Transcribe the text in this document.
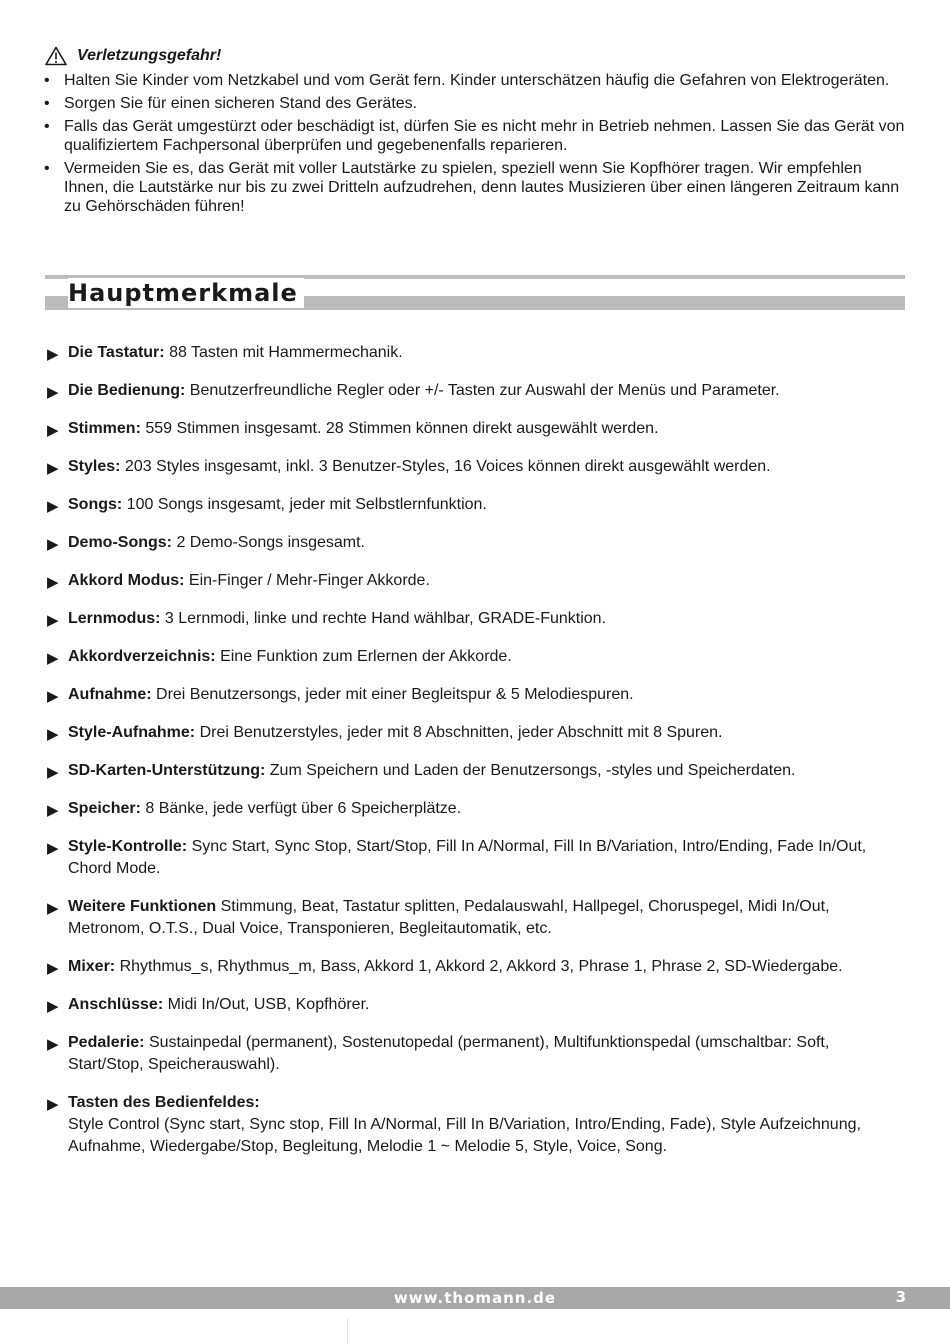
Verletzungsgefahr!
• Halten Sie Kinder vom Netzkabel und vom Gerät fern. Kinder unterschätzen häufig die Gefahren von Elektrogeräten.
• Sorgen Sie für einen sicheren Stand des Gerätes.
• Falls das Gerät umgestürzt oder beschädigt ist, dürfen Sie es nicht mehr in Betrieb nehmen. Lassen Sie das Gerät von qualifiziertem Fachpersonal überprüfen und gegebenenfalls reparieren.
• Vermeiden Sie es, das Gerät mit voller Lautstärke zu spielen, speziell wenn Sie Kopfhörer tragen. Wir empfehlen Ihnen, die Lautstärke nur bis zu zwei Dritteln aufzudrehen, denn lautes Musizieren über einen längeren Zeitraum kann zu Gehörschäden führen!
Hauptmerkmale
▶ Die Tastatur: 88 Tasten mit Hammermechanik.
▶ Die Bedienung: Benutzerfreundliche Regler oder +/- Tasten zur Auswahl der Menüs und Parameter.
▶ Stimmen: 559 Stimmen insgesamt. 28 Stimmen können direkt ausgewählt werden.
▶ Styles: 203 Styles insgesamt, inkl. 3 Benutzer-Styles, 16 Voices können direkt ausgewählt werden.
▶ Songs: 100 Songs insgesamt, jeder mit Selbstlernfunktion.
▶ Demo-Songs: 2 Demo-Songs insgesamt.
▶ Akkord Modus: Ein-Finger / Mehr-Finger Akkorde.
▶ Lernmodus: 3 Lernmodi, linke und rechte Hand wählbar, GRADE-Funktion.
▶ Akkordverzeichnis: Eine Funktion zum Erlernen der Akkorde.
▶ Aufnahme: Drei Benutzersongs, jeder mit einer Begleitspur & 5 Melodiespuren.
▶ Style-Aufnahme: Drei Benutzerstyles, jeder mit 8 Abschnitten, jeder Abschnitt mit 8 Spuren.
▶ SD-Karten-Unterstützung: Zum Speichern und Laden der Benutzersongs, -styles und Speicherdaten.
▶ Speicher: 8 Bänke, jede verfügt über 6 Speicherplätze.
▶ Style-Kontrolle: Sync Start, Sync Stop, Start/Stop, Fill In A/Normal, Fill In B/Variation, Intro/Ending, Fade In/Out, Chord Mode.
▶ Weitere Funktionen Stimmung, Beat, Tastatur splitten, Pedalauswahl, Hallpegel, Choruspegel, Midi In/Out, Metronom, O.T.S., Dual Voice, Transponieren, Begleitautomatik, etc.
▶ Mixer: Rhythmus_s, Rhythmus_m, Bass, Akkord 1, Akkord 2, Akkord 3, Phrase 1, Phrase 2, SD-Wiedergabe.
▶ Anschlüsse: Midi In/Out, USB, Kopfhörer.
▶ Pedalerie: Sustainpedal (permanent), Sostenutopedal (permanent), Multifunktionspedal (umschaltbar: Soft, Start/Stop, Speicherauswahl).
▶ Tasten des Bedienfeldes:
Style Control (Sync start, Sync stop, Fill In A/Normal, Fill In B/Variation, Intro/Ending, Fade), Style Aufzeichnung, Aufnahme, Wiedergabe/Stop, Begleitung, Melodie 1 ~ Melodie 5, Style, Voice, Song.
www.thomann.de	3
